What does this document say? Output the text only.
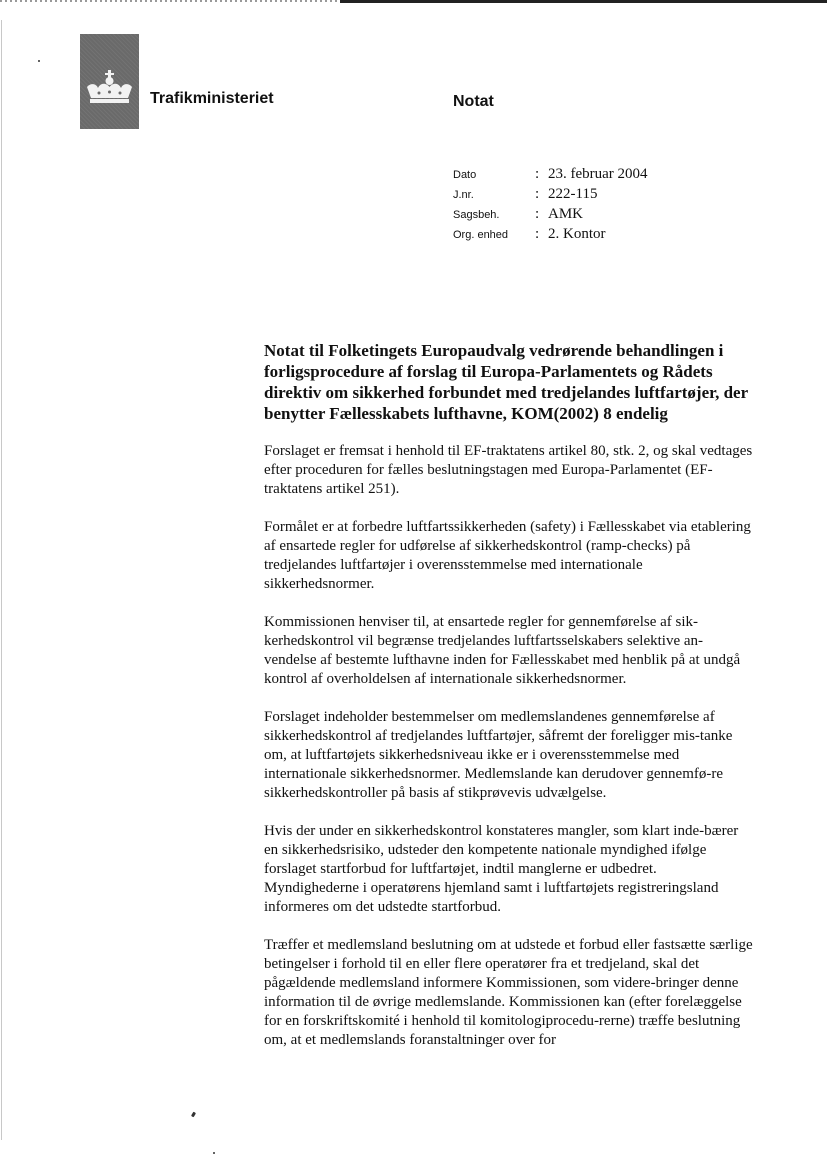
Trafikministeriet	Notat
Dato	: 23. februar 2004
J.nr.	: 222-115
Sagsbeh.	: AMK
Org. enhed	: 2. Kontor
Notat til Folketingets Europaudvalg vedrørende behandlingen i forligsprocedure af forslag til Europa-Parlamentets og Rådets direktiv om sikkerhed forbundet med tredjelandes luftfartøjer, der benytter Fællesskabets lufthavne, KOM(2002) 8 endelig

Forslaget er fremsat i henhold til EF-traktatens artikel 80, stk. 2, og skal vedtages efter proceduren for fælles beslutningstagen med Europa-Parlamentet (EF-traktatens artikel 251).

Formålet er at forbedre luftfartssikkerheden (safety) i Fællesskabet via etablering af ensartede regler for udførelse af sikkerhedskontrol (ramp-checks) på tredjelandes luftfartøjer i overensstemmelse med internationale sikkerhedsnormer.

Kommissionen henviser til, at ensartede regler for gennemførelse af sik-kerhedskontrol vil begrænse tredjelandes luftfartsselskabers selektive an-vendelse af bestemte lufthavne inden for Fællesskabet med henblik på at undgå kontrol af overholdelsen af internationale sikkerhedsnormer.

Forslaget indeholder bestemmelser om medlemslandenes gennemførelse af sikkerhedskontrol af tredjelandes luftfartøjer, såfremt der foreligger mis-tanke om, at luftfartøjets sikkerhedsniveau ikke er i overensstemmelse med internationale sikkerhedsnormer. Medlemslande kan derudover gennemfø-re sikkerhedskontroller på basis af stikprøvevis udvælgelse.

Hvis der under en sikkerhedskontrol konstateres mangler, som klart inde-bærer en sikkerhedsrisiko, udsteder den kompetente nationale myndighed ifølge forslaget startforbud for luftfartøjet, indtil manglerne er udbedret. Myndighederne i operatørens hjemland samt i luftfartøjets registreringsland informeres om det udstedte startforbud.

Træffer et medlemsland beslutning om at udstede et forbud eller fastsætte særlige betingelser i forhold til en eller flere operatører fra et tredjeland, skal det pågældende medlemsland informere Kommissionen, som videre-bringer denne information til de øvrige medlemslande. Kommissionen kan (efter forelæggelse for en forskriftskomité i henhold til komitologiprocedu-rerne) træffe beslutning om, at et medlemslands foranstaltninger over for
